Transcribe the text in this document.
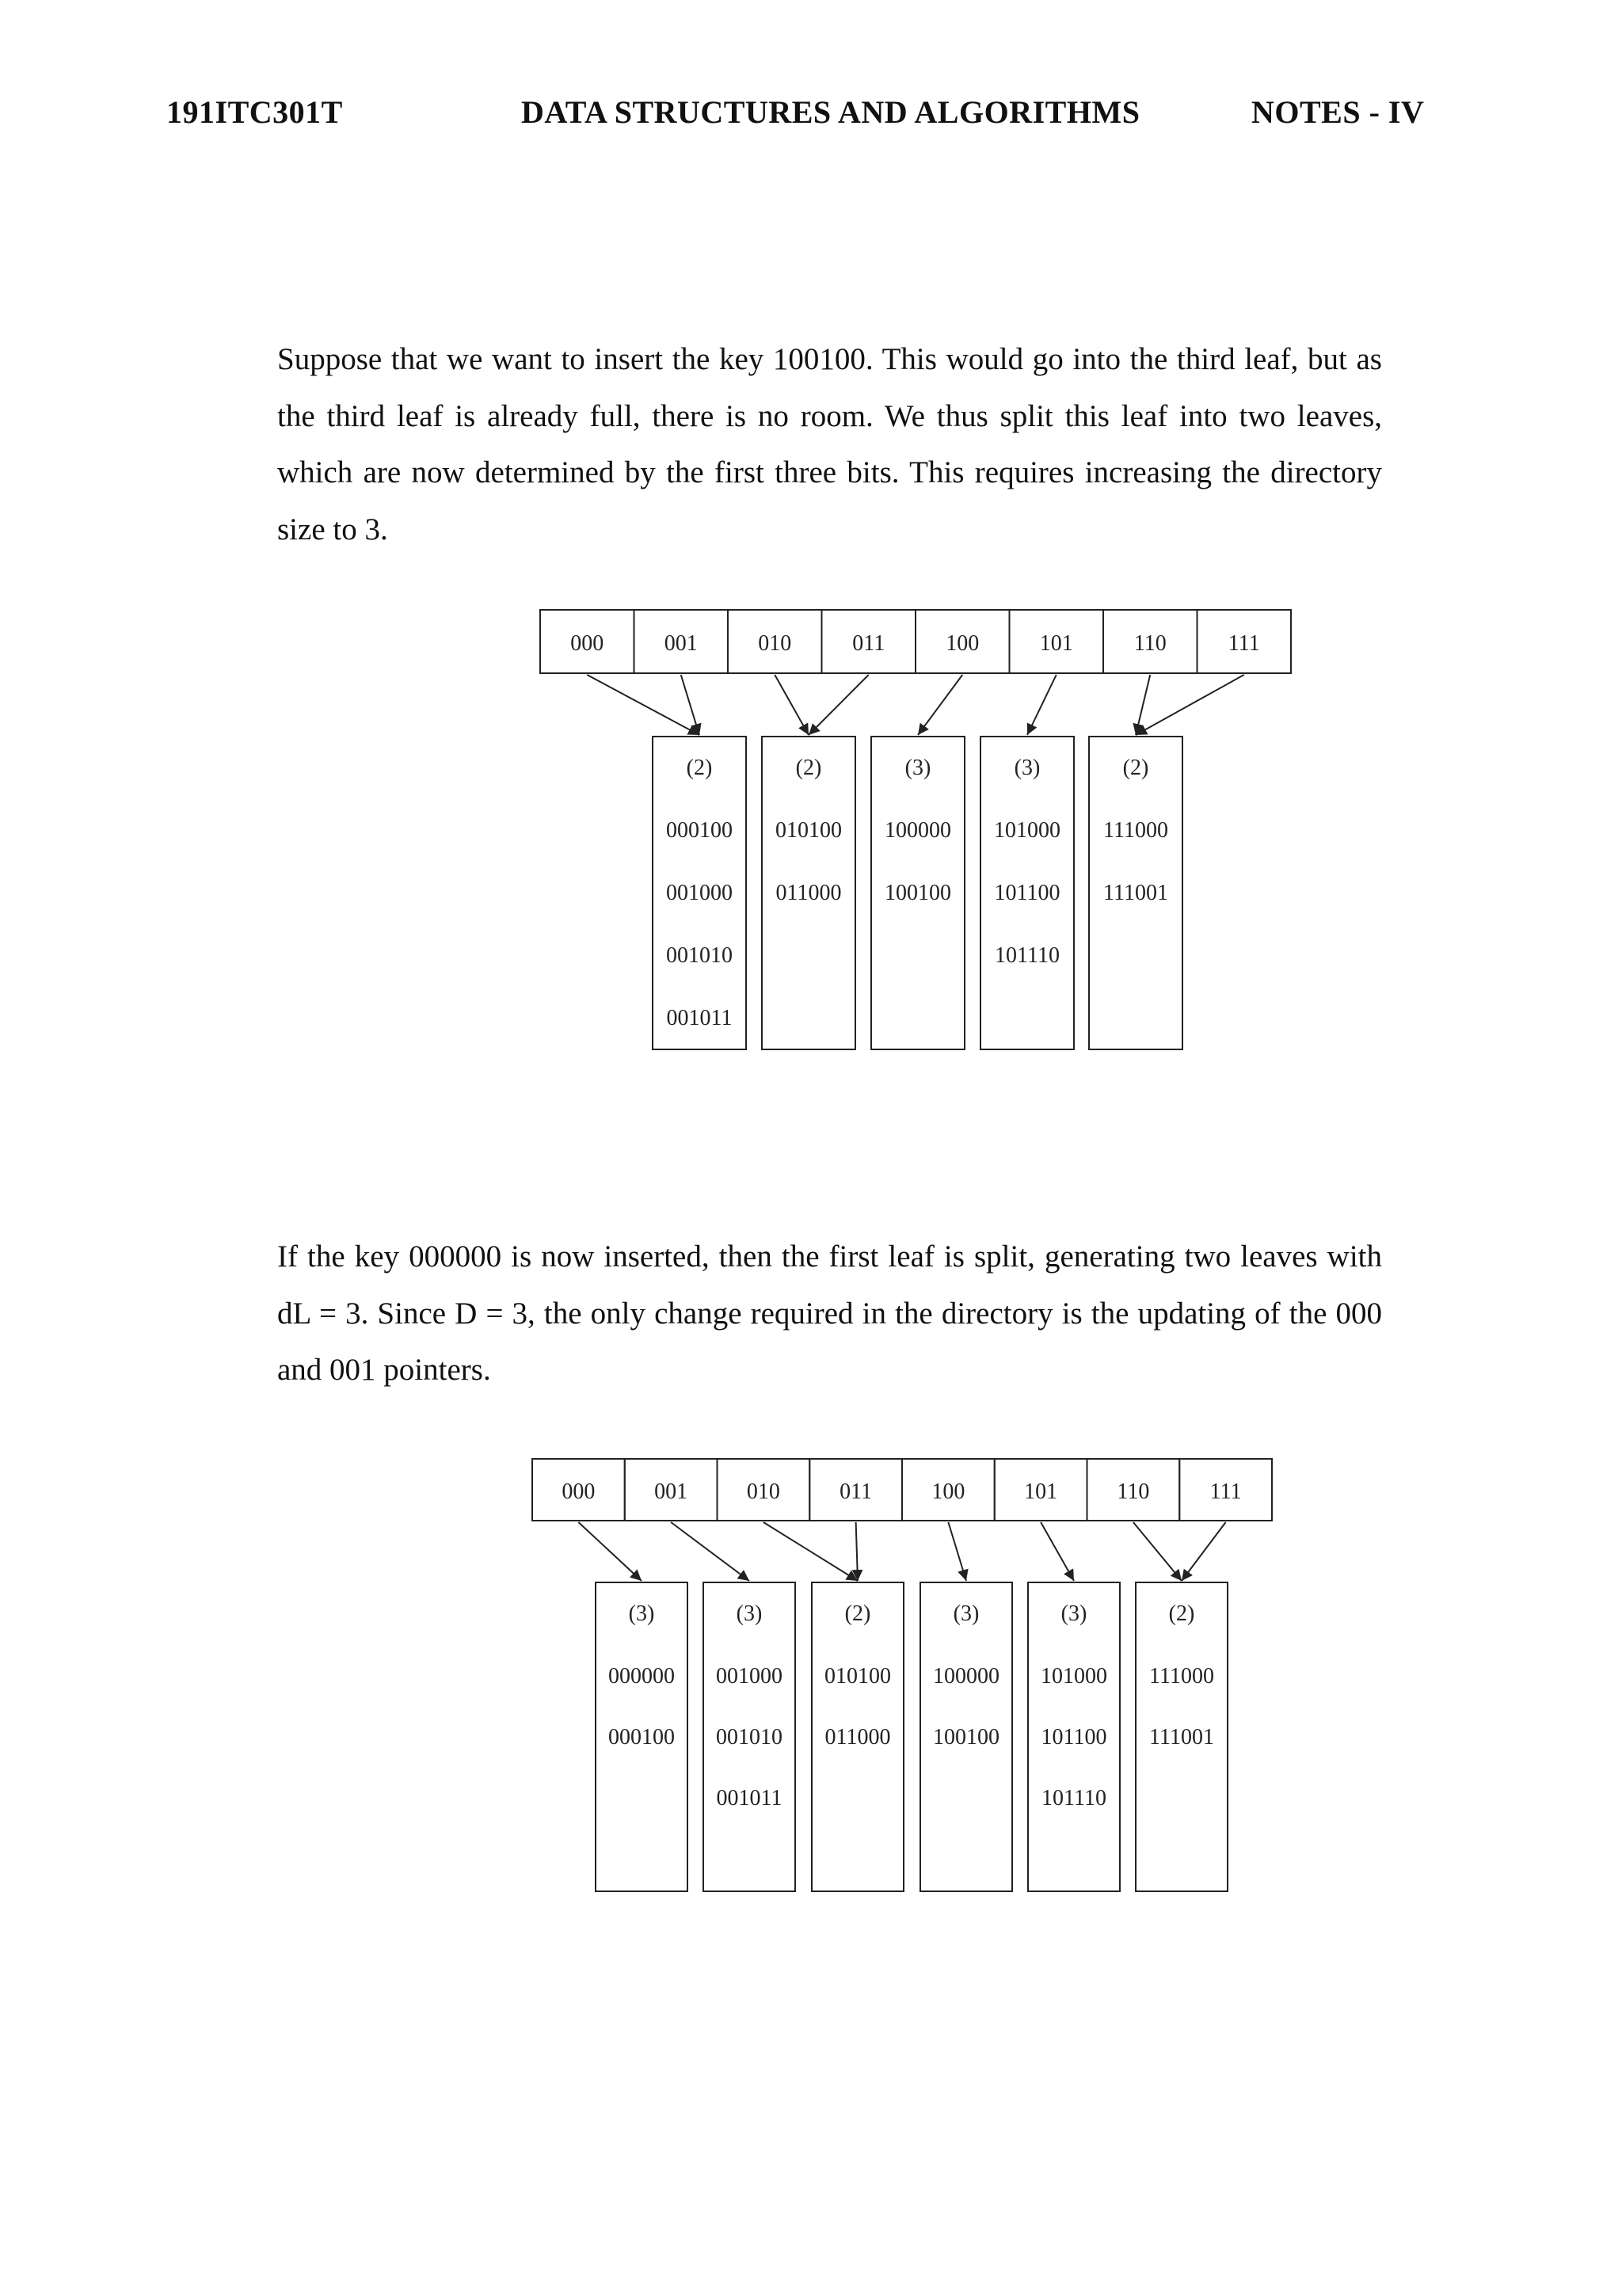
191ITC301T	DATA STRUCTURES AND ALGORITHMS	NOTES - IV

Suppose that we want to insert the key 100100. This would go into the third leaf, but as the third leaf is already full, there is no room. We thus split this leaf into two leaves, which are now determined by the first three bits. This requires increasing the directory size to 3.

000	001	010	011	100	101	110	111
(2)
000100
001000
001010
001011
(2)
010100
011000
(3)
100000
100100
(3)
101000
101100
101110
(2)
111000
111001

If the key 000000 is now inserted, then the first leaf is split, generating two leaves with dL = 3. Since D = 3, the only change required in the directory is the updating of the 000 and 001 pointers.

000	001	010	011	100	101	110	111
(3)
000000
000100
(3)
001000
001010
001011
(2)
010100
011000
(3)
100000
100100
(3)
101000
101100
101110
(2)
111000
111001
